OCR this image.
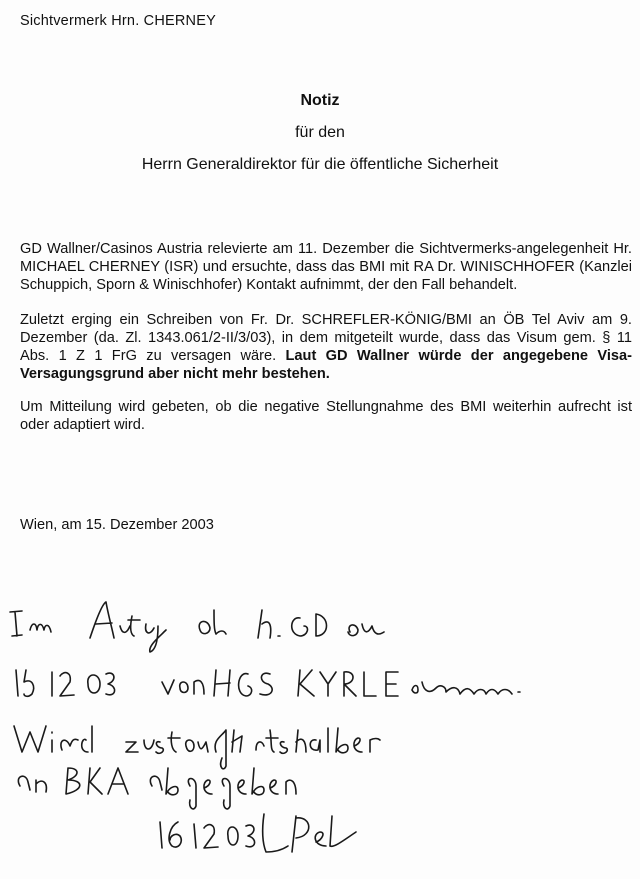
Sichtvermerk Hrn. CHERNEY
Notiz
für den
Herrn Generaldirektor für die öffentliche Sicherheit
GD Wallner/Casinos Austria relevierte am 11. Dezember die Sichtvermerks-angelegenheit Hr. MICHAEL CHERNEY (ISR) und ersuchte, dass das BMI mit RA Dr. WINISCHHOFER (Kanzlei Schuppich, Sporn & Winischhofer) Kontakt aufnimmt, der den Fall behandelt.
Zuletzt erging ein Schreiben von Fr. Dr. SCHREFLER-KÖNIG/BMI an ÖB Tel Aviv am 9. Dezember (da. Zl. 1343.061/2-II/3/03), in dem mitgeteilt wurde, dass das Visum gem. § 11 Abs. 1 Z 1 FrG zu versagen wäre. Laut GD Wallner würde der angegebene Visa-Versagungsgrund aber nicht mehr bestehen.
Um Mitteilung wird gebeten, ob die negative Stellungnahme des BMI weiterhin aufrecht ist oder adaptiert wird.
Wien, am 15. Dezember 2003
